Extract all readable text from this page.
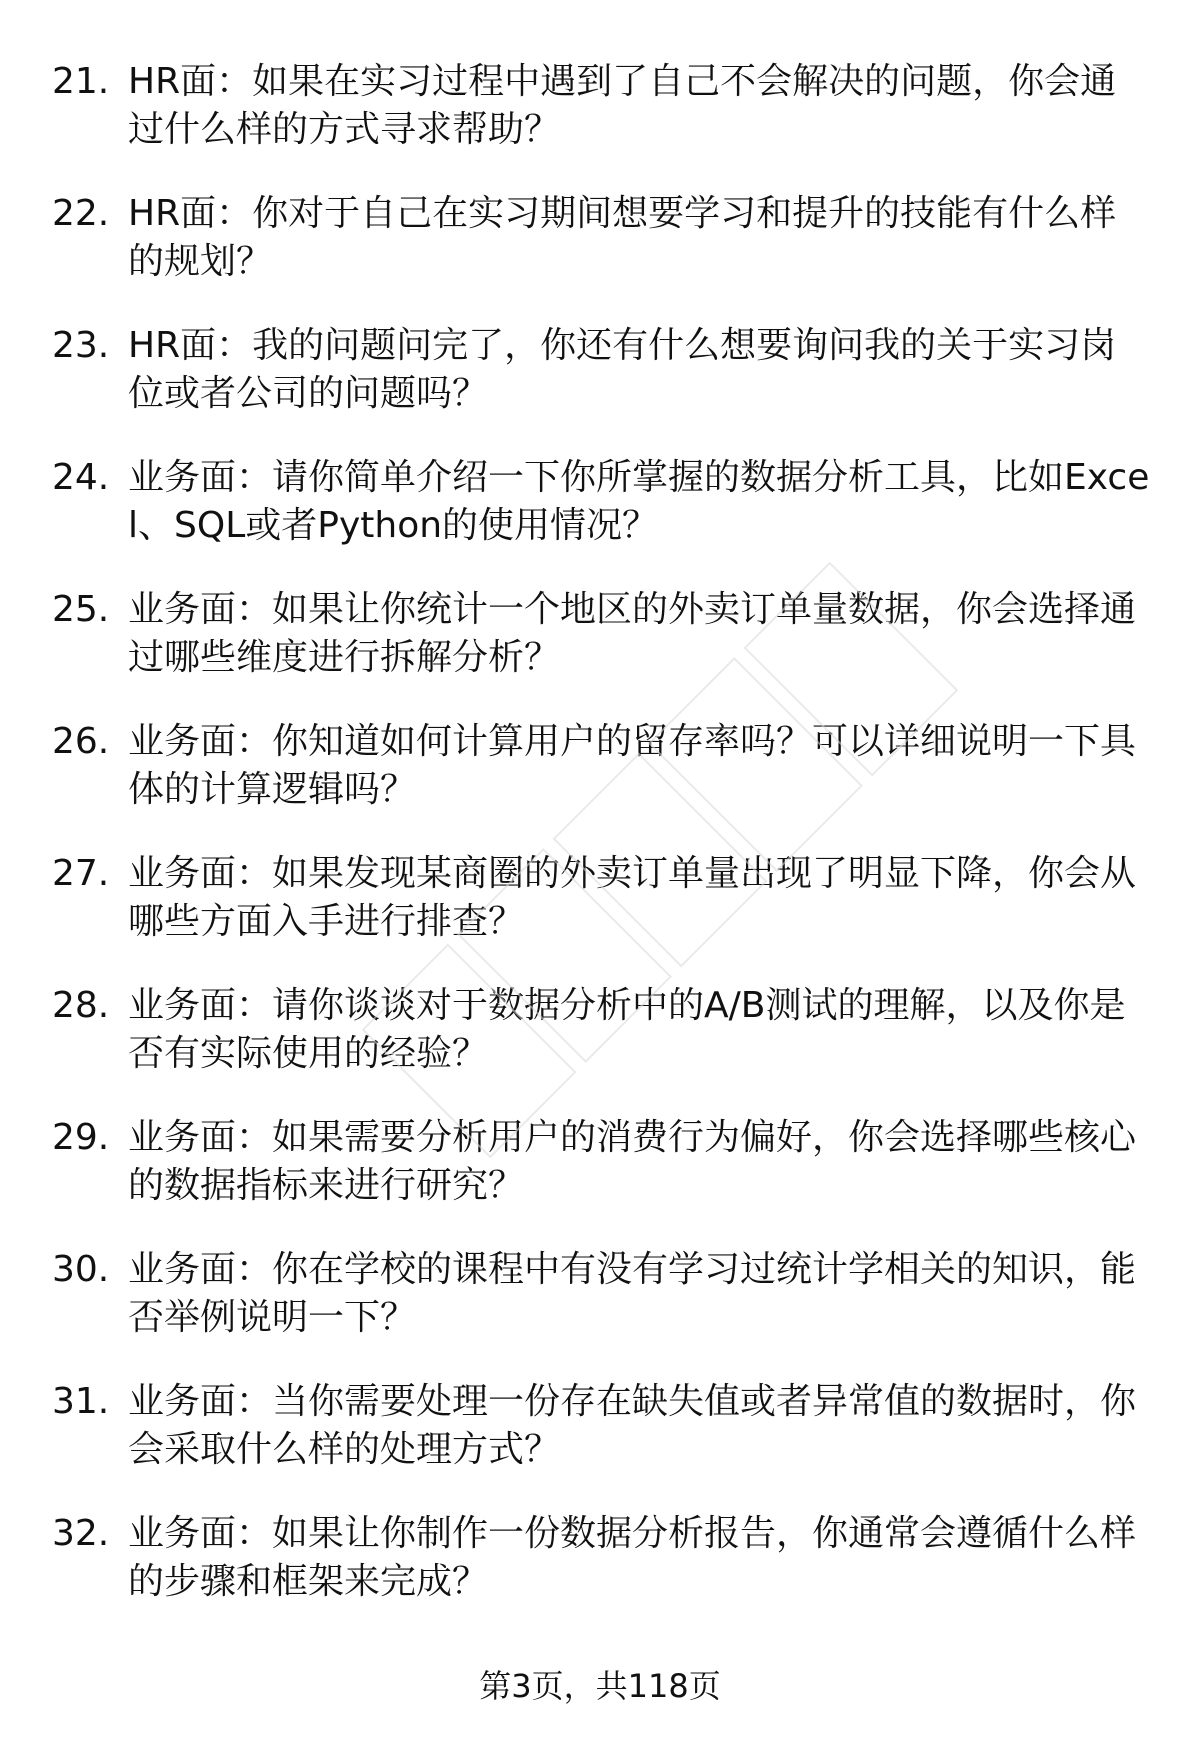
21. HR面：如果在实习过程中遇到了自己不会解决的问题，你会通过什么样的方式寻求帮助？
22. HR面：你对于自己在实习期间想要学习和提升的技能有什么样的规划？
23. HR面：我的问题问完了，你还有什么想要询问我的关于实习岗位或者公司的问题吗？
24. 业务面：请你简单介绍一下你所掌握的数据分析工具，比如Excel、SQL或者Python的使用情况？
25. 业务面：如果让你统计一个地区的外卖订单量数据，你会选择通过哪些维度进行拆解分析？
26. 业务面：你知道如何计算用户的留存率吗？可以详细说明一下具体的计算逻辑吗？
27. 业务面：如果发现某商圈的外卖订单量出现了明显下降，你会从哪些方面入手进行排查？
28. 业务面：请你谈谈对于数据分析中的A/B测试的理解，以及你是否有实际使用的经验？
29. 业务面：如果需要分析用户的消费行为偏好，你会选择哪些核心的数据指标来进行研究？
30. 业务面：你在学校的课程中有没有学习过统计学相关的知识，能否举例说明一下？
31. 业务面：当你需要处理一份存在缺失值或者异常值的数据时，你会采取什么样的处理方式？
32. 业务面：如果让你制作一份数据分析报告，你通常会遵循什么样的步骤和框架来完成？
第3页，共118页
